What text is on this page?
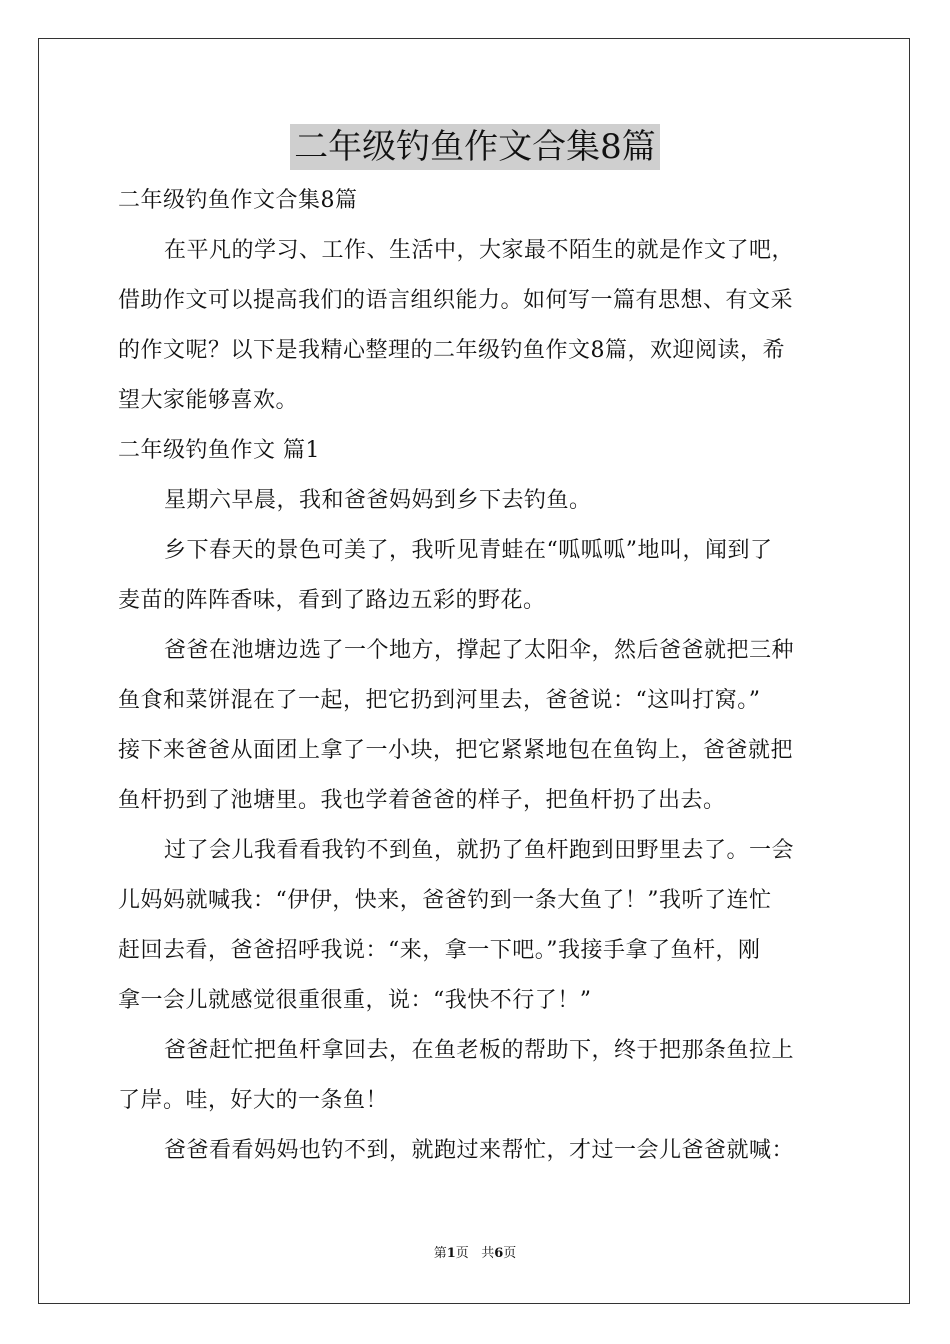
二年级钓鱼作文合集8篇
二年级钓鱼作文合集8篇
在平凡的学习、工作、生活中，大家最不陌生的就是作文了吧，
借助作文可以提高我们的语言组织能力。如何写一篇有思想、有文采
的作文呢？以下是我精心整理的二年级钓鱼作文8篇，欢迎阅读，希
望大家能够喜欢。
二年级钓鱼作文 篇1
星期六早晨，我和爸爸妈妈到乡下去钓鱼。
乡下春天的景色可美了，我听见青蛙在“呱呱呱”地叫，闻到了
麦苗的阵阵香味，看到了路边五彩的野花。
爸爸在池塘边选了一个地方，撑起了太阳伞，然后爸爸就把三种
鱼食和菜饼混在了一起，把它扔到河里去，爸爸说：“这叫打窝。”
接下来爸爸从面团上拿了一小块，把它紧紧地包在鱼钩上，爸爸就把
鱼杆扔到了池塘里。我也学着爸爸的样子，把鱼杆扔了出去。
过了会儿我看看我钓不到鱼，就扔了鱼杆跑到田野里去了。一会
儿妈妈就喊我：“伊伊，快来，爸爸钓到一条大鱼了！”我听了连忙
赶回去看，爸爸招呼我说：“来，拿一下吧。”我接手拿了鱼杆，刚
拿一会儿就感觉很重很重，说：“我快不行了！”
爸爸赶忙把鱼杆拿回去，在鱼老板的帮助下，终于把那条鱼拉上
了岸。哇，好大的一条鱼！
爸爸看看妈妈也钓不到，就跑过来帮忙，才过一会儿爸爸就喊：
第1页 共6页
